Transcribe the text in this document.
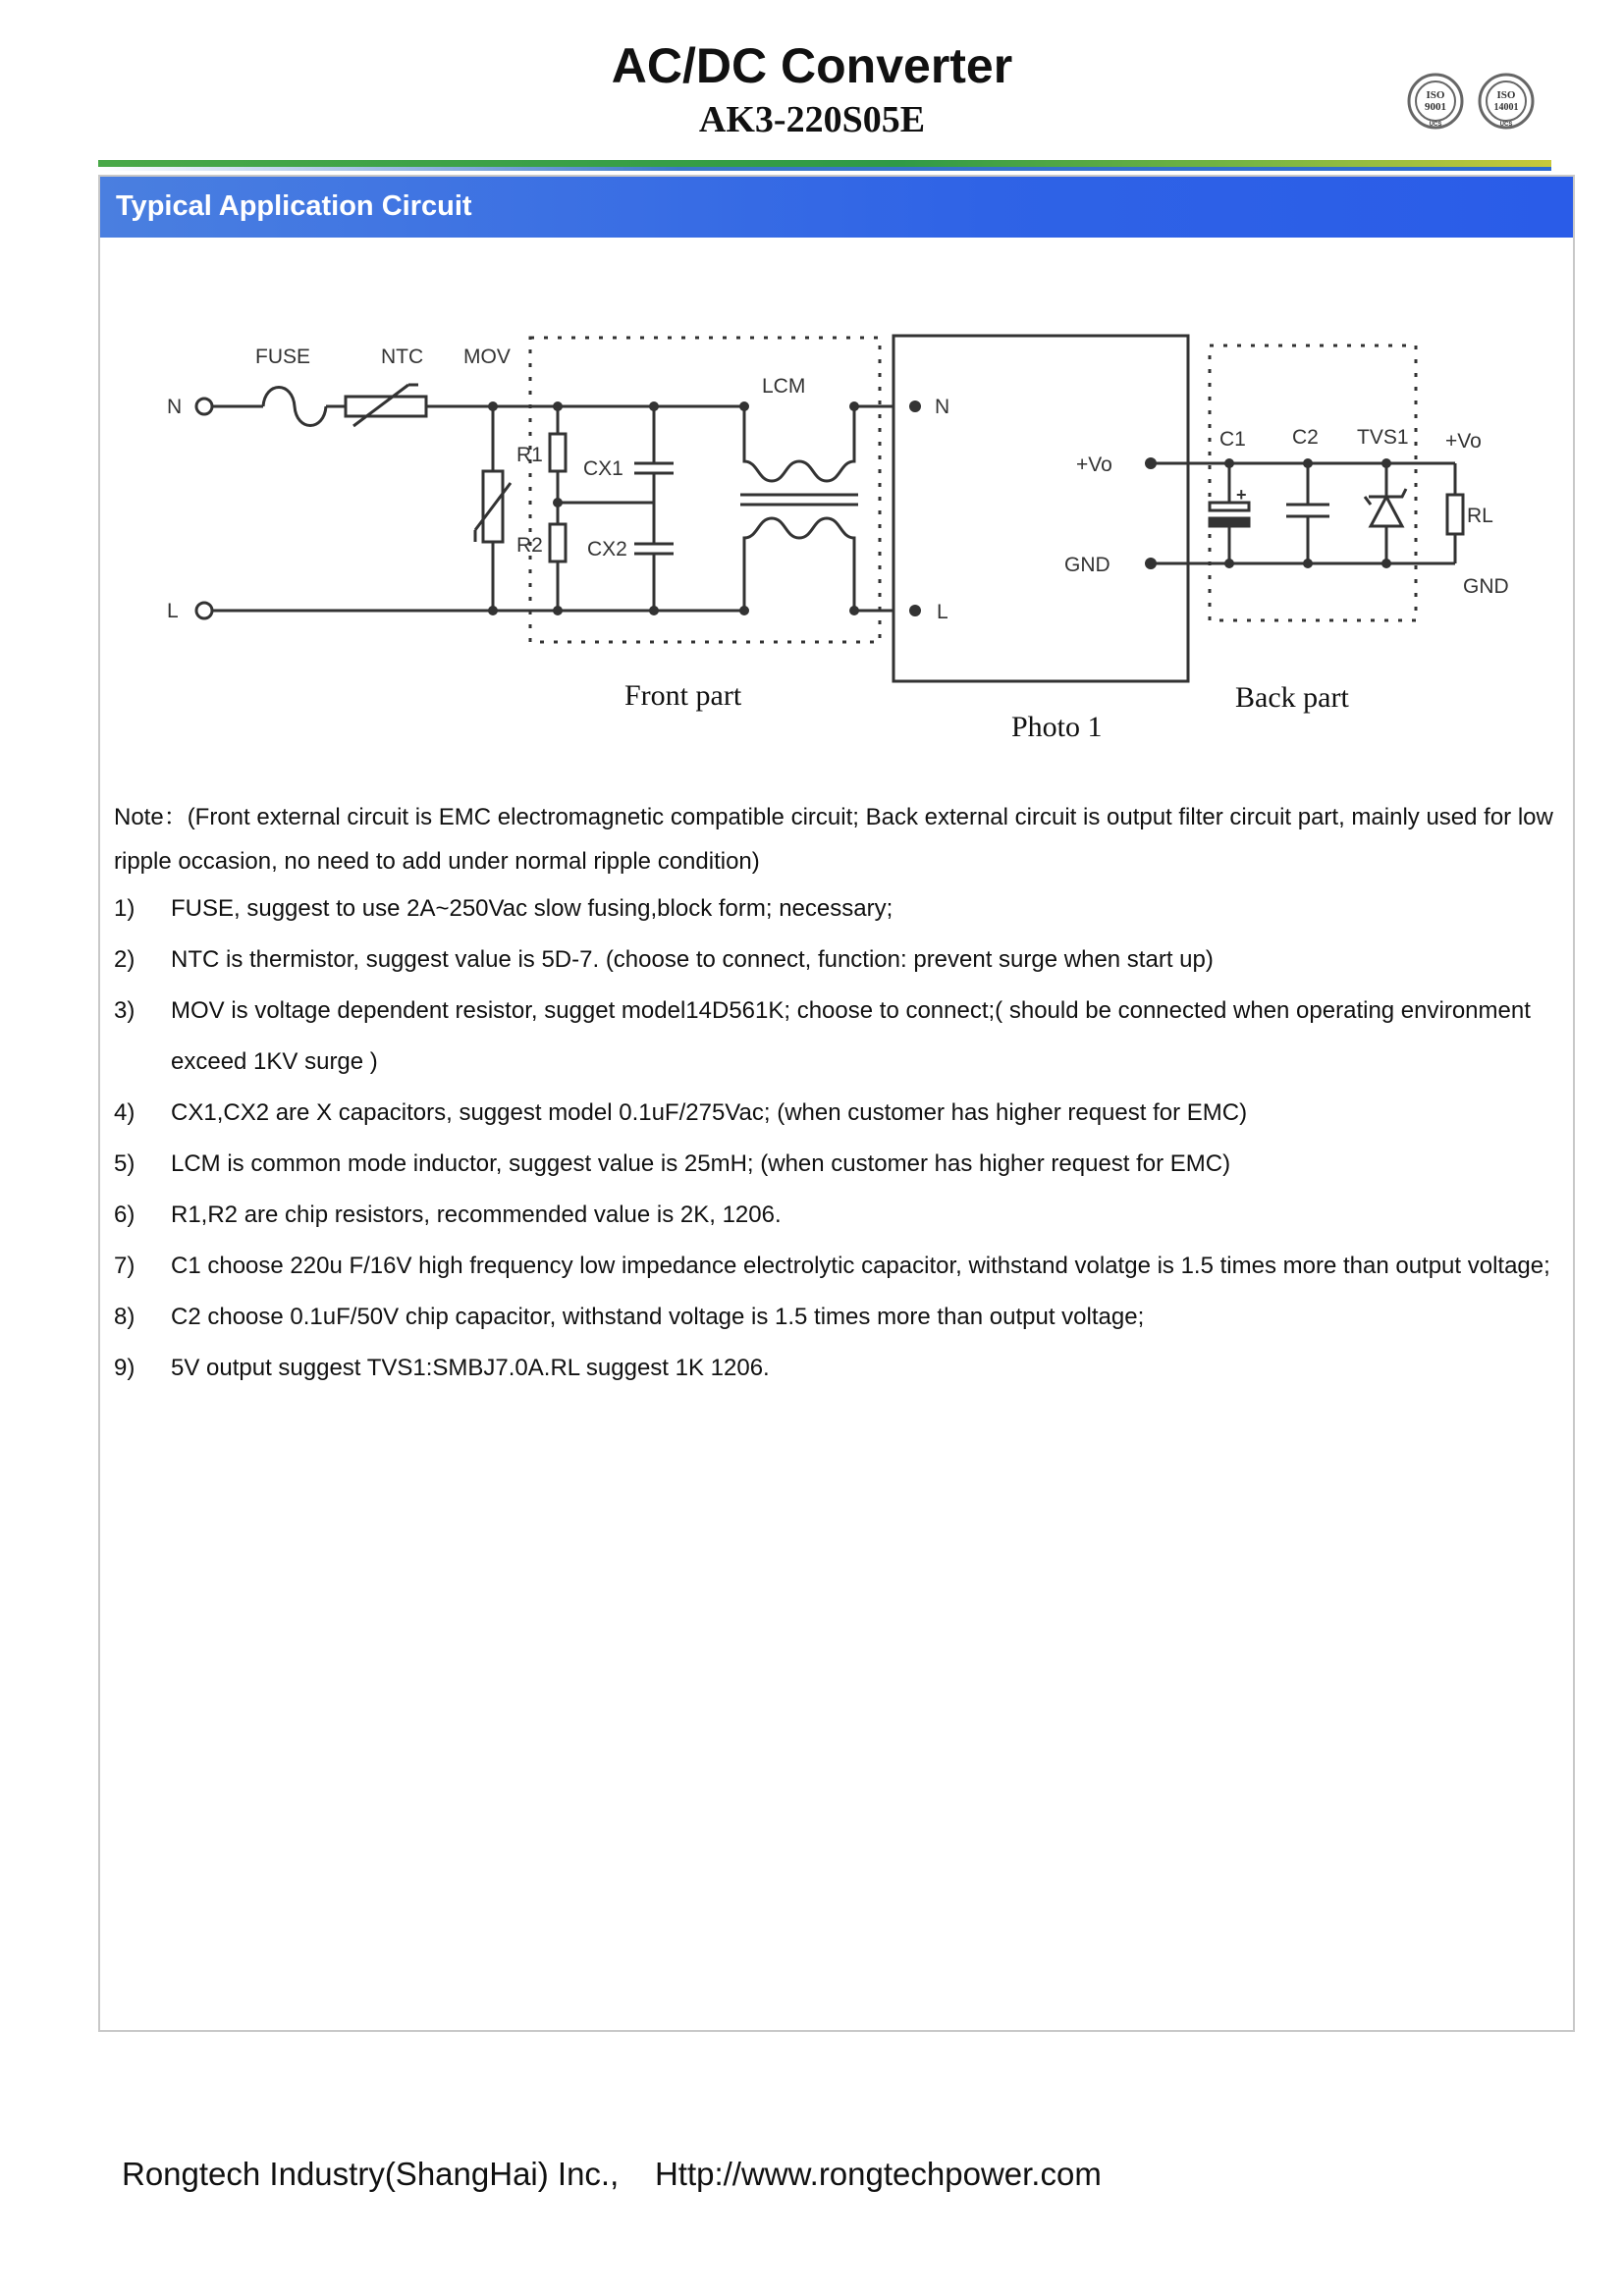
AC/DC Converter
AK3-220S05E
ISO
9001
UCS
ISO
14001
UCS
Typical Application Circuit
N
L
FUSE	NTC MOV
R1
R2
CX1
CX2
LCM
N
L
+Vo
GND
C1 C2 TVS1 +Vo
RL
GND
+
Front part	Back part
Photo 1
Note：(Front external circuit is EMC electromagnetic compatible circuit; Back external circuit is output filter circuit part, mainly used for low ripple occasion, no need to add under normal ripple condition)
1) FUSE, suggest to use 2A~250Vac slow fusing,block form; necessary;
2) NTC is thermistor, suggest value is 5D-7. (choose to connect, function: prevent surge when start up)
3) MOV is voltage dependent resistor, sugget model14D561K; choose to connect;( should be connected when operating environment exceed 1KV surge )
4) CX1,CX2 are X capacitors, suggest model 0.1uF/275Vac; (when customer has higher request for EMC)
5) LCM is common mode inductor, suggest value is 25mH; (when customer has higher request for EMC)
6) R1,R2 are chip resistors, recommended value is 2K, 1206.
7) C1 choose 220u F/16V high frequency low impedance electrolytic capacitor, withstand volatge is 1.5 times more than output voltage;
8) C2 choose 0.1uF/50V chip capacitor, withstand voltage is 1.5 times more than output voltage;
9) 5V output suggest TVS1:SMBJ7.0A.RL suggest 1K 1206.
Rongtech Industry(ShangHai) Inc., Http://www.rongtechpower.com
